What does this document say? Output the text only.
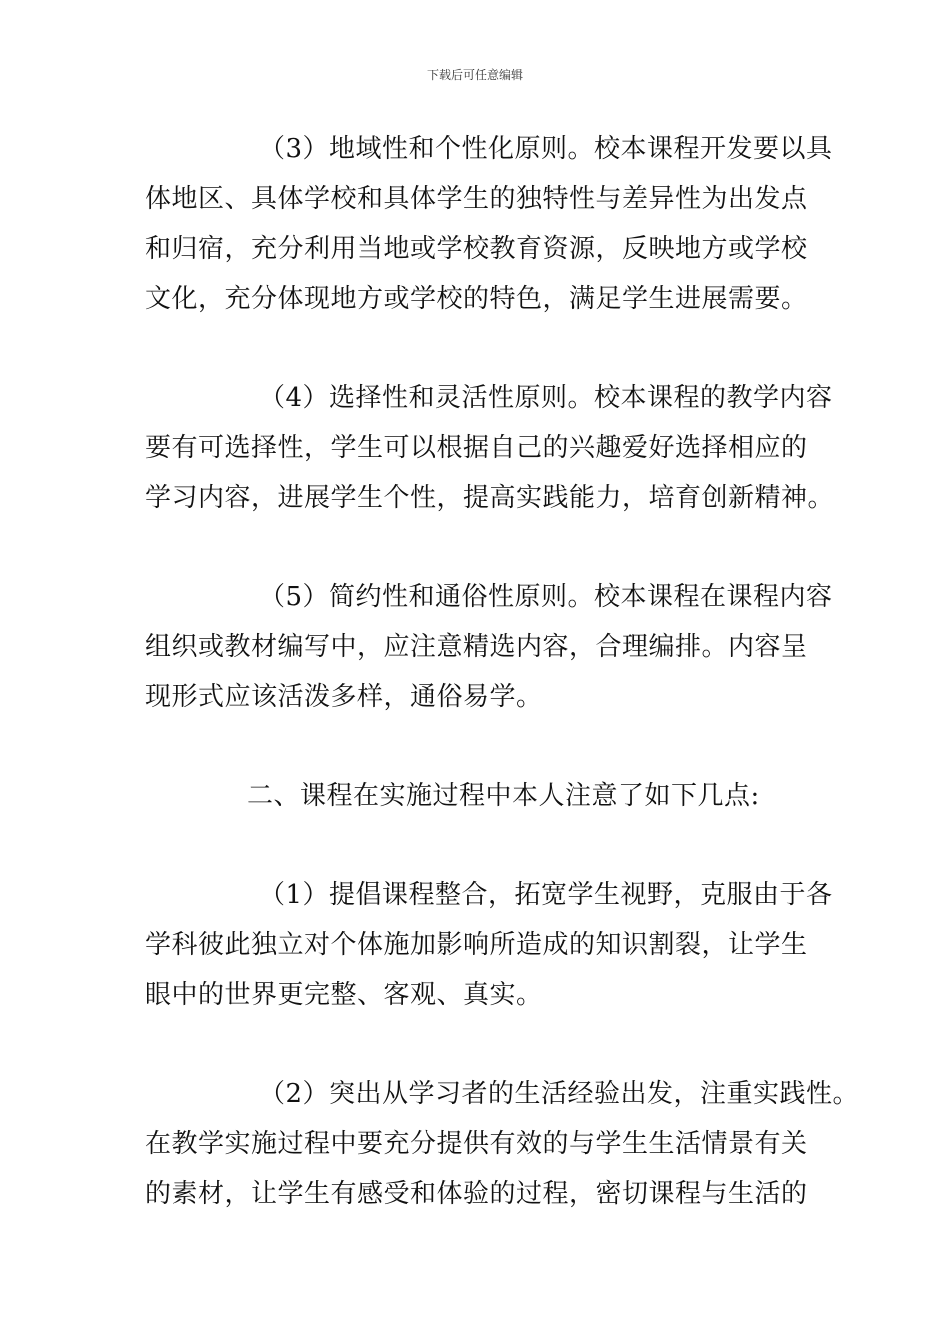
下载后可任意编辑
（3）地域性和个性化原则。校本课程开发要以具
体地区、具体学校和具体学生的独特性与差异性为出发点
和归宿，充分利用当地或学校教育资源，反映地方或学校
文化，充分体现地方或学校的特色，满足学生进展需要。
（4）选择性和灵活性原则。校本课程的教学内容
要有可选择性，学生可以根据自己的兴趣爱好选择相应的
学习内容，进展学生个性，提高实践能力，培育创新精神。
（5）简约性和通俗性原则。校本课程在课程内容
组织或教材编写中，应注意精选内容，合理编排。内容呈
现形式应该活泼多样，通俗易学。
二、课程在实施过程中本人注意了如下几点:
（1）提倡课程整合，拓宽学生视野，克服由于各
学科彼此独立对个体施加影响所造成的知识割裂，让学生
眼中的世界更完整、客观、真实。
（2）突出从学习者的生活经验出发，注重实践性。
在教学实施过程中要充分提供有效的与学生生活情景有关
的素材，让学生有感受和体验的过程，密切课程与生活的
